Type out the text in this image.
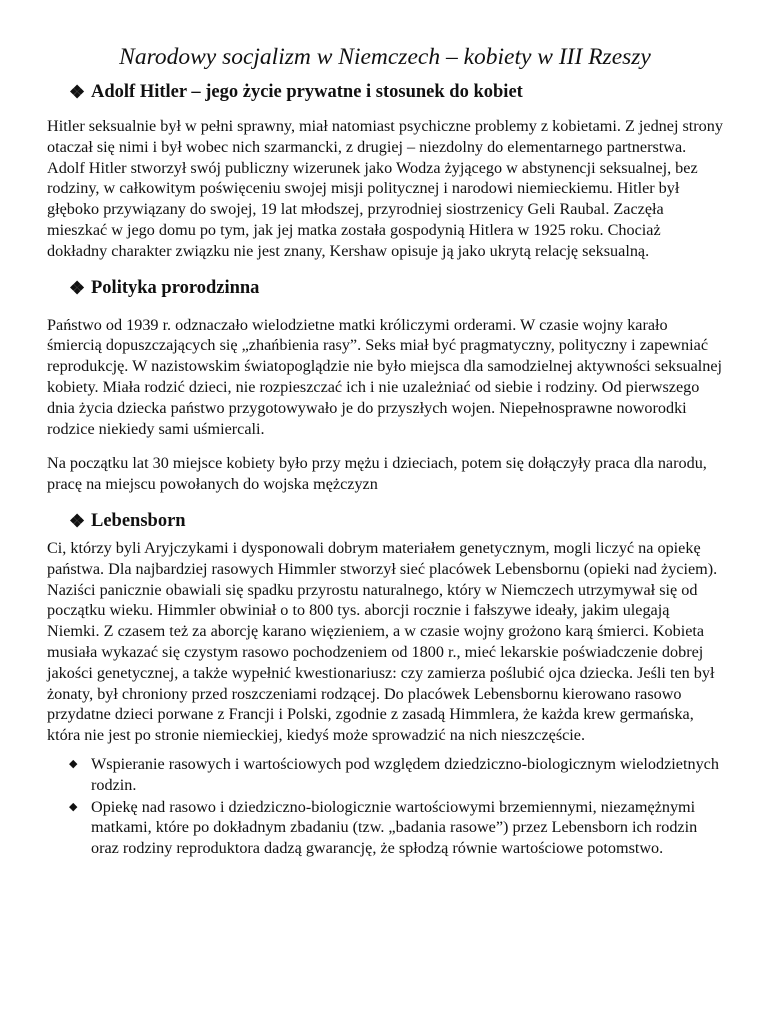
Narodowy socjalizm w Niemczech – kobiety w III Rzeszy
❖ Adolf Hitler – jego życie prywatne i stosunek do kobiet

Hitler seksualnie był w pełni sprawny, miał natomiast psychiczne problemy z kobietami. Z jednej strony otaczał się nimi i był wobec nich szarmancki, z drugiej – niezdolny do elementarnego partnerstwa. Adolf Hitler stworzył swój publiczny wizerunek jako Wodza żyjącego w abstynencji seksualnej, bez rodziny, w całkowitym poświęceniu swojej misji politycznej i narodowi niemieckiemu. Hitler był głęboko przywiązany do swojej, 19 lat młodszej, przyrodniej siostrzenicy Geli Raubal. Zaczęła mieszkać w jego domu po tym, jak jej matka została gospodynią Hitlera w 1925 roku. Chociaż dokładny charakter związku nie jest znany, Kershaw opisuje ją jako ukrytą relację seksualną.

❖ Polityka prorodzinna

Państwo od 1939 r. odznaczało wielodzietne matki króliczymi orderami. W czasie wojny karało śmiercią dopuszczających się „zhańbienia rasy”. Seks miał być pragmatyczny, polityczny i zapewniać reprodukcję. W nazistowskim światopoglądzie nie było miejsca dla samodzielnej aktywności seksualnej kobiety. Miała rodzić dzieci, nie rozpieszczać ich i nie uzależniać od siebie i rodziny. Od pierwszego dnia życia dziecka państwo przygotowywało je do przyszłych wojen. Niepełnosprawne noworodki rodzice niekiedy sami uśmiercali.

Na początku lat 30 miejsce kobiety było przy mężu i dzieciach, potem się dołączyły praca dla narodu, pracę na miejscu powołanych do wojska mężczyzn

❖ Lebensborn

Ci, którzy byli Aryjczykami i dysponowali dobrym materiałem genetycznym, mogli liczyć na opiekę państwa. Dla najbardziej rasowych Himmler stworzył sieć placówek Lebensbornu (opieki nad życiem). Naziści panicznie obawiali się spadku przyrostu naturalnego, który w Niemczech utrzymywał się od początku wieku. Himmler obwiniał o to 800 tys. aborcji rocznie i fałszywe ideały, jakim ulegają Niemki. Z czasem też za aborcję karano więzieniem, a w czasie wojny grożono karą śmierci. Kobieta musiała wykazać się czystym rasowo pochodzeniem od 1800 r., mieć lekarskie poświadczenie dobrej jakości genetycznej, a także wypełnić kwestionariusz: czy zamierza poślubić ojca dziecka. Jeśli ten był żonaty, był chroniony przed roszczeniami rodzącej. Do placówek Lebensbornu kierowano rasowo przydatne dzieci porwane z Francji i Polski, zgodnie z zasadą Himmlera, że każda krew germańska, która nie jest po stronie niemieckiej, kiedyś może sprowadzić na nich nieszczęście.

◆ Wspieranie rasowych i wartościowych pod względem dziedziczno-biologicznym wielodzietnych rodzin.
◆ Opiekę nad rasowo i dziedziczno-biologicznie wartościowymi brzemiennymi, niezamężnymi matkami, które po dokładnym zbadaniu (tzw. „badania rasowe”) przez Lebensborn ich rodzin oraz rodziny reproduktora dadzą gwarancję, że spłodzą równie wartościowe potomstwo.
